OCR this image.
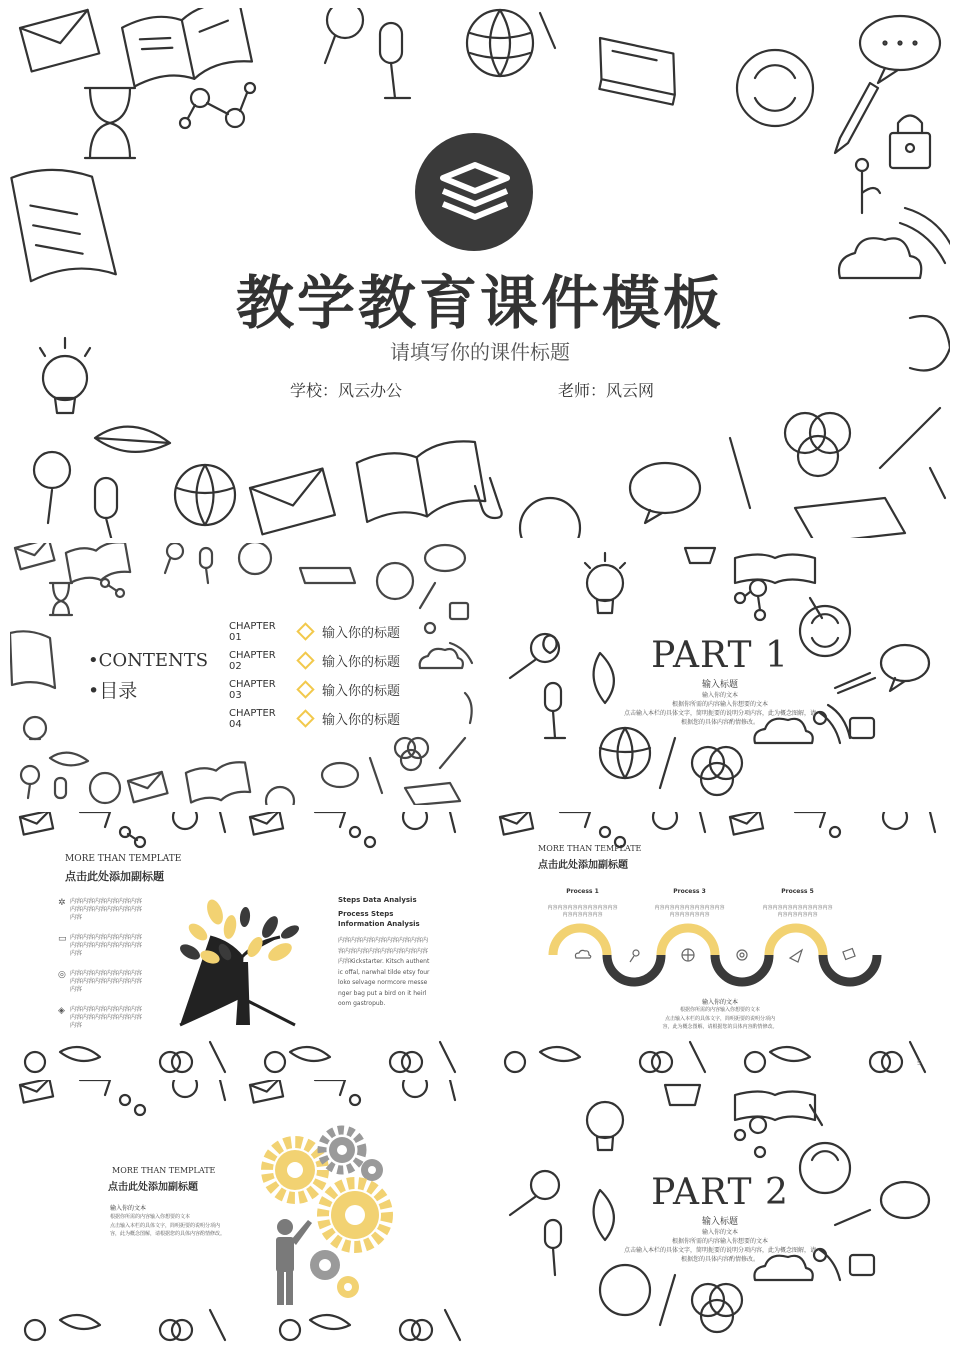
教学教育课件模板
请填写你的课件标题
学校：风云办公	老师：风云网
•CONTENTS
•目录
CHAPTER 01	输入你的标题
CHAPTER 02	输入你的标题
CHAPTER 03	输入你的标题
CHAPTER 04	输入你的标题
PART 1
输入标题
输入你的文本
根据你所需的内容输入你想要的文本
点击输入本栏的具体文字，简明扼要的说明分项内容，此为概念图解，请
根据您的具体内容酌情修改。
MORE THAN TEMPLATE
点击此处添加副标题
✲ 内容内容内容内容内容内容
内容内容内容内容内容内容
内容
▭ 内容内容内容内容内容内容
内容内容内容内容内容内容
内容
◎ 内容内容内容内容内容内容
内容内容内容内容内容内容
内容
◈ 内容内容内容内容内容内容
内容内容内容内容内容内容
内容
Steps Data Analysis
Process Steps Information Analysis
内容内容内容内容内容内容内容内容内容内容内容内容内容内容内容内容Kickstarter. Kitsch authentic offal, narwhal tilde etsy four loko selvage normcore messenger bag put a bird on it heirloom gastropub.
MORE THAN TEMPLATE
点击此处添加副标题
Process 1
内容内容内容内容内容内容内容
内容内容内容内容
Process 3
内容内容内容内容内容内容内容
内容内容内容内容
Process 5
内容内容内容内容内容内容内容
内容内容内容内容
输入你的文本
根据你所需的内容输入你想要的文本
点击输入本栏的具体文字，简明扼要的说明分项内
容，此为概念图解，请根据您的具体内容酌情修改。
5
MORE THAN TEMPLATE
点击此处添加副标题
输入你的文本
根据你所需的内容输入你想要的文本
点击输入本栏的具体文字，简明扼要的说明分项内
容，此为概念图解，请根据您的具体内容酌情修改。
PART 2
输入标题
输入你的文本
根据你所需的内容输入你想要的文本
点击输入本栏的具体文字，简明扼要的说明分项内容，此为概念图解，请
根据您的具体内容酌情修改。
